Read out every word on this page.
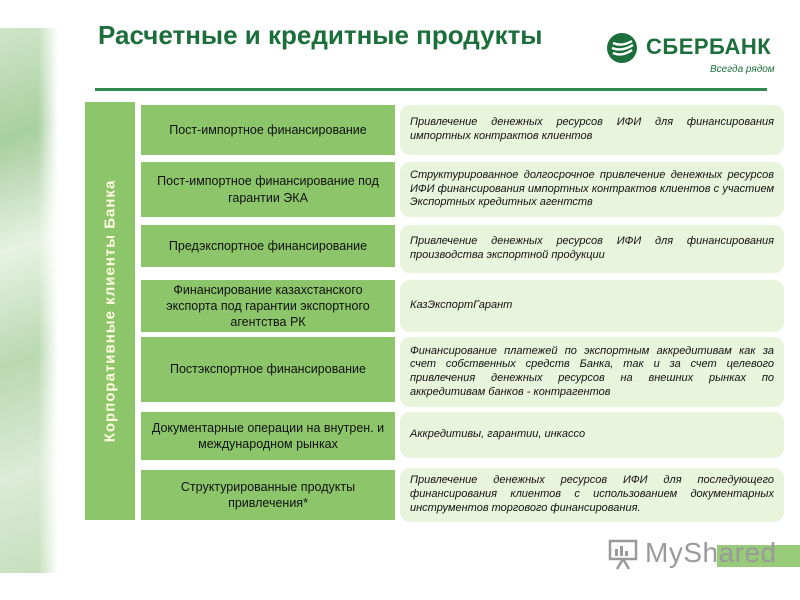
Расчетные и кредитные продукты	СБЕРБАНК
Всегда рядом
Корпоративные клиенты Банка
Пост-импортное финансирование
Привлечение денежных ресурсов ИФИ для финансирования импортных контрактов клиентов
Пост-импортное финансирование под гарантии ЭКА
Структурированное долгосрочное привлечение денежных ресурсов ИФИ финансирования импортных контрактов клиентов с участием Экспортных кредитных агентств
Предэкспортное финансирование	Привлечение денежных ресурсов ИФИ для финансирования производства экспортной продукции
Финансирование казахстанского экспорта под гарантии экспортного агентства РК
КазЭкспортГарант
Постэкспортное финансирование
Финансирование платежей по экспортным аккредитивам как за счет собственных средств Банка, так и за счет целевого привлечения денежных ресурсов на внешних рынках по аккредитивам банков - контрагентов
Документарные операции на внутрен. и международном рынках
Аккредитивы, гарантии, инкассо
Структурированные продукты привлечения*
Привлечение денежных ресурсов ИФИ для последующего финансирования клиентов с использованием документарных инструментов торгового финансирования.
MyShared
